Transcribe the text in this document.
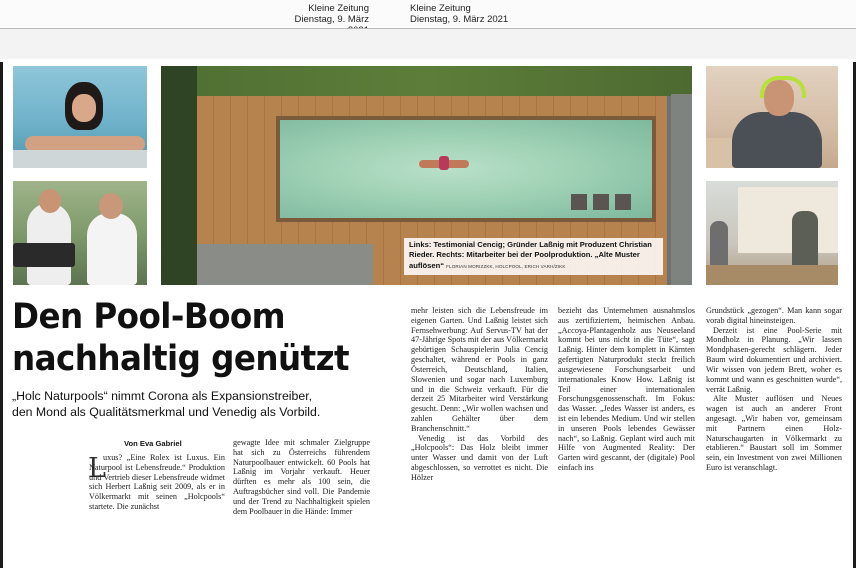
Kleine Zeitung
Dienstag, 9. März
Kleine Zeitung
Dienstag, 9. März 2021
Links: Testimonial Cencig; Gründer Laßnig mit Produzent Christian Rieder. Rechts: Mitarbeiter bei der Poolproduktion. „Alte Muster auflösen“ FLORIAN MORIZZKK, HOLCPOOL, ERICH VARH/ZIKK
Den Pool-Boom
nachhaltig genützt

„Holc Naturpools“ nimmt Corona als Expansionstreiber,
den Mond als Qualitätsmerkmal und Venedig als Vorbild.

Von Eva Gabriel
L

uxus? „Eine Rolex ist Luxus. Ein Naturpool ist Lebensfreude.“ Produktion und Vertrieb dieser Lebensfreude widmet sich Herbert Laßnig seit 2009, als er in Völkermarkt mit seinen „Holcpools“ startete. Die zunächst

gewagte Idee mit schmaler Zielgruppe hat sich zu Österreichs führendem Naturpoolbauer entwickelt. 60 Pools hat Laßnig im Vorjahr verkauft. Heuer dürften es mehr als 100 sein, die Auftragsbücher sind voll. Die Pandemie und der Trend zu Nachhaltigkeit spielen dem Poolbauer in die Hände: Immer

mehr leisten sich die Lebensfreude im eigenen Garten. Und Laßnig leistet sich Fernsehwerbung: Auf Servus-TV hat der 47-Jährige Spots mit der aus Völkermarkt gebürtigen Schauspielerin Julia Cencig geschaltet, während er Pools in ganz Österreich, Deutschland, Italien, Slowenien und sogar nach Luxemburg und in die Schweiz verkauft. Für die derzeit 25 Mitarbeiter wird Verstärkung gesucht. Denn: „Wir wollen wachsen und zahlen Gehälter über dem Branchenschnitt.“

Venedig ist das Vorbild des „Holcpools“: Das Holz bleibt immer unter Wasser und damit von der Luft abgeschlossen, so verrottet es nicht. Die Hölzer

bezieht das Unternehmen ausnahmslos aus zertifiziertem, heimischen Anbau. „Accoya-Plantagenholz aus Neuseeland kommt bei uns nicht in die Tüte“, sagt Laßnig. Hinter dem komplett in Kärnten gefertigten Naturprodukt steckt freilich ausgewiesene Forschungsarbeit und internationales Know How. Laßnig ist Teil einer internationalen Forschungsgenossenschaft. Im Fokus: das Wasser. „Jedes Wasser ist anders, es ist ein lebendes Medium. Und wir stellen in unseren Pools lebendes Gewässer nach“, so Laßnig. Geplant wird auch mit Hilfe von Augmented Reality: Der Garten wird gescannt, der (digitale) Pool einfach ins

Grundstück „gezogen“. Man kann sogar vorab digital hineinsteigen.

Derzeit ist eine Pool-Serie mit Mondholz in Planung. „Wir lassen Mondphasen-gerecht schlägern. Jeder Baum wird dokumentiert und archiviert. Wir wissen von jedem Brett, woher es kommt und wann es geschnitten wurde“, verrät Laßnig.

Alte Muster auflösen und Neues wagen ist auch an anderer Front angesagt. „Wir haben vor, gemeinsam mit Partnern einen Holz-Naturschaugarten in Völkermarkt zu etablieren.“ Baustart soll im Sommer sein, ein Investment von zwei Millionen Euro ist veranschlagt.
